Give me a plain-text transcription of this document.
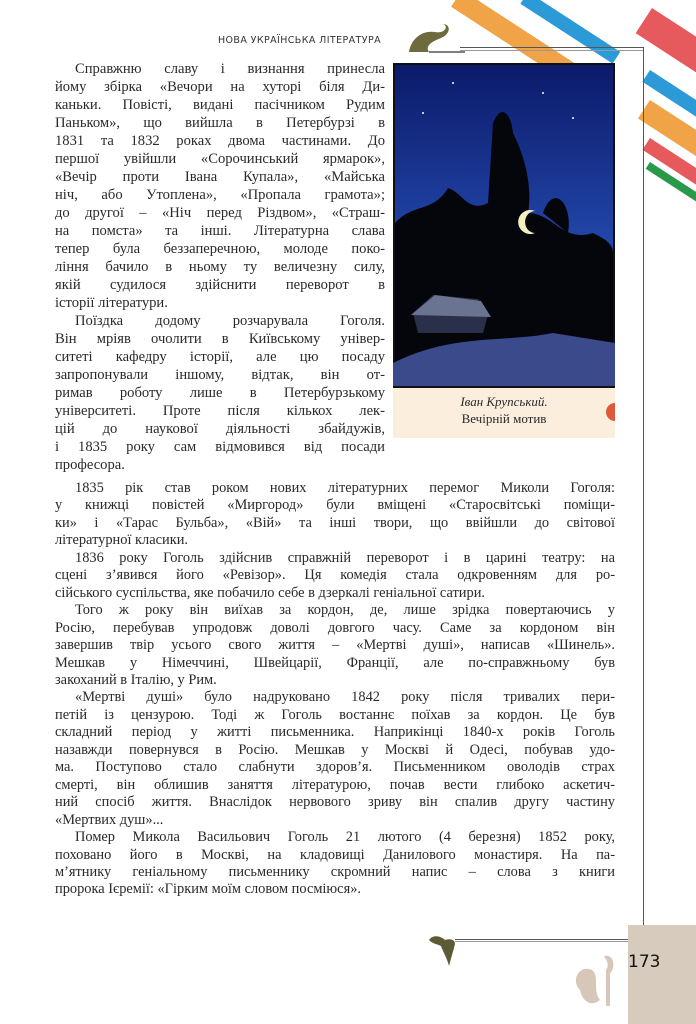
НОВА УКРАЇНСЬКА ЛІТЕРАТУРА
Справжню славу і визнання принесла
йому збірка «Вечори на хуторі біля Ди-
каньки. Повісті, видані пасічником Рудим
Паньком», що вийшла в Петербурзі в
1831 та 1832 роках двома частинами. До
першої увійшли «Сорочинський ярмарок»,
«Вечір проти Івана Купала», «Майська
ніч, або Утоплена», «Пропала грамота»;
до другої – «Ніч перед Різдвом», «Страш-
на помста» та інші. Літературна слава
тепер була беззаперечною, молоде поко-
ління бачило в ньому ту величезну силу,
якій судилося здійснити переворот в
історії літератури.
Поїздка додому розчарувала Гоголя.
Він мріяв очолити в Київському універ-
ситеті кафедру історії, але цю посаду
запропонували іншому, відтак, він от-
римав роботу лише в Петербурзькому
університеті. Проте після кількох лек-
цій до наукової діяльності збайдужів,
і 1835 року сам відмовився від посади
професора.
Іван Крупський.
Вечірній мотив
1835 рік став роком нових літературних перемог Миколи Гоголя:
у книжці повістей «Миргород» були вміщені «Старосвітські поміщи-
ки» і «Тарас Бульба», «Вій» та інші твори, що ввійшли до світової
літературної класики.
1836 року Гоголь здійснив справжній переворот і в царині театру: на
сцені з’явився його «Ревізор». Ця комедія стала одкровенням для ро-
сійського суспільства, яке побачило себе в дзеркалі геніальної сатири.
Того ж року він виїхав за кордон, де, лише зрідка повертаючись у
Росію, перебував упродовж доволі довгого часу. Саме за кордоном він
завершив твір усього свого життя – «Мертві душі», написав «Шинель».
Мешкав у Німеччині, Швейцарії, Франції, але по-справжньому був
закоханий в Італію, у Рим.
«Мертві душі» було надруковано 1842 року після тривалих пери-
петій із цензурою. Тоді ж Гоголь востаннє поїхав за кордон. Це був
складний період у житті письменника. Наприкінці 1840-х років Гоголь
назавжди повернувся в Росію. Мешкав у Москві й Одесі, побував удо-
ма. Поступово стало слабнути здоров’я. Письменником оволодів страх
смерті, він облишив заняття літературою, почав вести глибоко аскетич-
ний спосіб життя. Внаслідок нервового зриву він спалив другу частину
«Мертвих душ»...
Помер Микола Васильович Гоголь 21 лютого (4 березня) 1852 року,
поховано його в Москві, на кладовищі Данилового монастиря. На па-
м’ятнику геніальному письменнику скромний напис – слова з книги
пророка Ієремії: «Гірким моїм словом посміюся».
173
